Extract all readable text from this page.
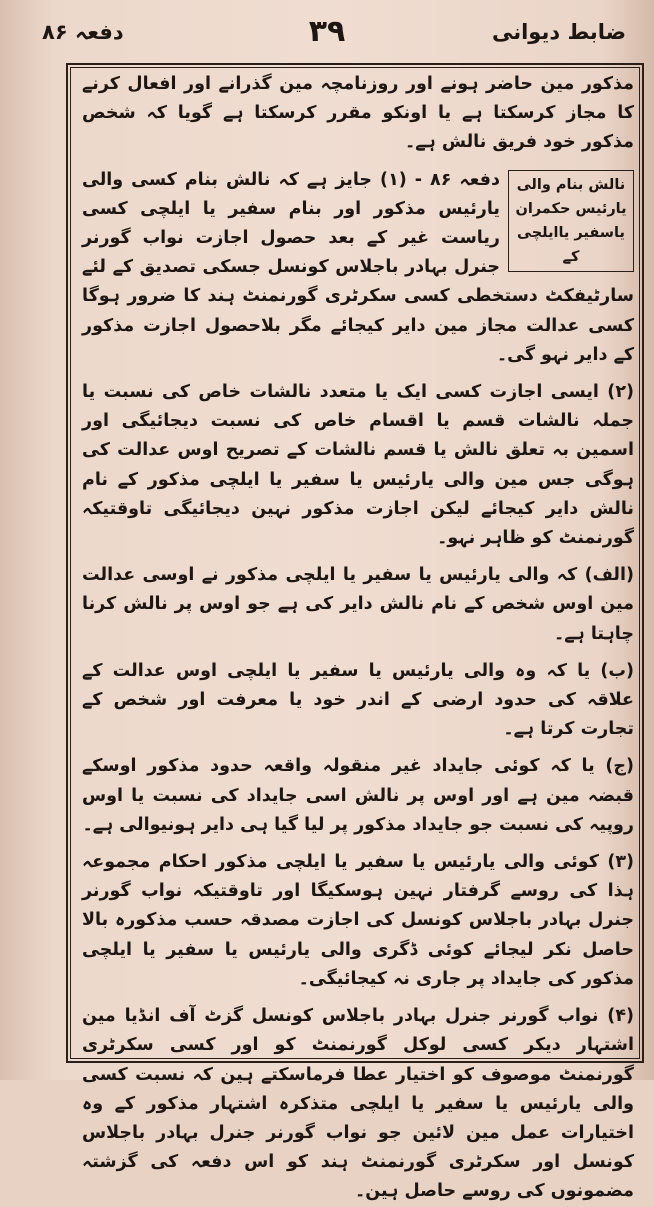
ضابط دیوانی
۳۹
دفعہ ۸۶

مذکور مین حاضر ہونے اور روزنامچہ مین گذرانے اور افعال کرنے کا مجاز کرسکتا ہے یا اونکو مقرر کرسکتا ہے گویا کہ شخص مذکور خود فریق نالش ہے۔

نالش بنام والی یارئیس حکمران یاسفیر یاایلچی کے

دفعہ ۸۶ - (۱) جایز ہے کہ نالش بنام کسی والی یارئیس مذکور اور بنام سفیر یا ایلچی کسی ریاست غیر کے بعد حصول اجازت نواب گورنر جنرل بہادر باجلاس کونسل جسکی تصدیق کے لئے سارٹیفکٹ دستخطی کسی سکرٹری گورنمنٹ ہند کا ضرور ہوگا کسی عدالت مجاز مین دایر کیجائے مگر بلاحصول اجازت مذکور کے دایر نہو گی۔

(۲) ایسی اجازت کسی ایک یا متعدد نالشات خاص کی نسبت یا جملہ نالشات قسم یا اقسام خاص کی نسبت دیجائیگی اور اسمین بہ تعلق نالش یا قسم نالشات کے تصریح اوس عدالت کی ہوگی جس مین والی یارئیس یا سفیر یا ایلچی مذکور کے نام نالش دایر کیجائے لیکن اجازت مذکور نہین دیجائیگی تاوقتیکہ گورنمنٹ کو ظاہر نہو۔

(الف) کہ والی یارئیس یا سفیر یا ایلچی مذکور نے اوسی عدالت مین اوس شخص کے نام نالش دایر کی ہے جو اوس پر نالش کرنا چاہتا ہے۔

(ب) یا کہ وہ والی یارئیس یا سفیر یا ایلچی اوس عدالت کے علاقہ کی حدود ارضی کے اندر خود یا معرفت اور شخص کے تجارت کرتا ہے۔

(ج) یا کہ کوئی جایداد غیر منقولہ واقعہ حدود مذکور اوسکے قبضہ مین ہے اور اوس پر نالش اسی جایداد کی نسبت یا اوس روپیہ کی نسبت جو جایداد مذکور پر لیا گیا ہی دایر ہونیوالی ہے۔

(۳) کوئی والی یارئیس یا سفیر یا ایلچی مذکور احکام مجموعہ ہذا کی روسے گرفتار نہین ہوسکیگا اور تاوقتیکہ نواب گورنر جنرل بہادر باجلاس کونسل کی اجازت مصدقہ حسب مذکورہ بالا حاصل نکر لیجائے کوئی ڈگری والی یارئیس یا سفیر یا ایلچی مذکور کی جایداد پر جاری نہ کیجائیگی۔

(۴) نواب گورنر جنرل بہادر باجلاس کونسل گزٹ آف انڈیا مین اشتہار دیکر کسی لوکل گورنمنٹ کو اور کسی سکرٹری گورنمنٹ موصوف کو اختیار عطا فرماسکتے ہین کہ نسبت کسی والی یارئیس یا سفیر یا ایلچی متذکرہ اشتہار مذکور کے وہ اختیارات عمل مین لائین جو نواب گورنر جنرل بہادر باجلاس کونسل اور سکرٹری گورنمنٹ ہند کو اس دفعہ کی گزشتہ مضمونوں کی روسے حاصل ہین۔
